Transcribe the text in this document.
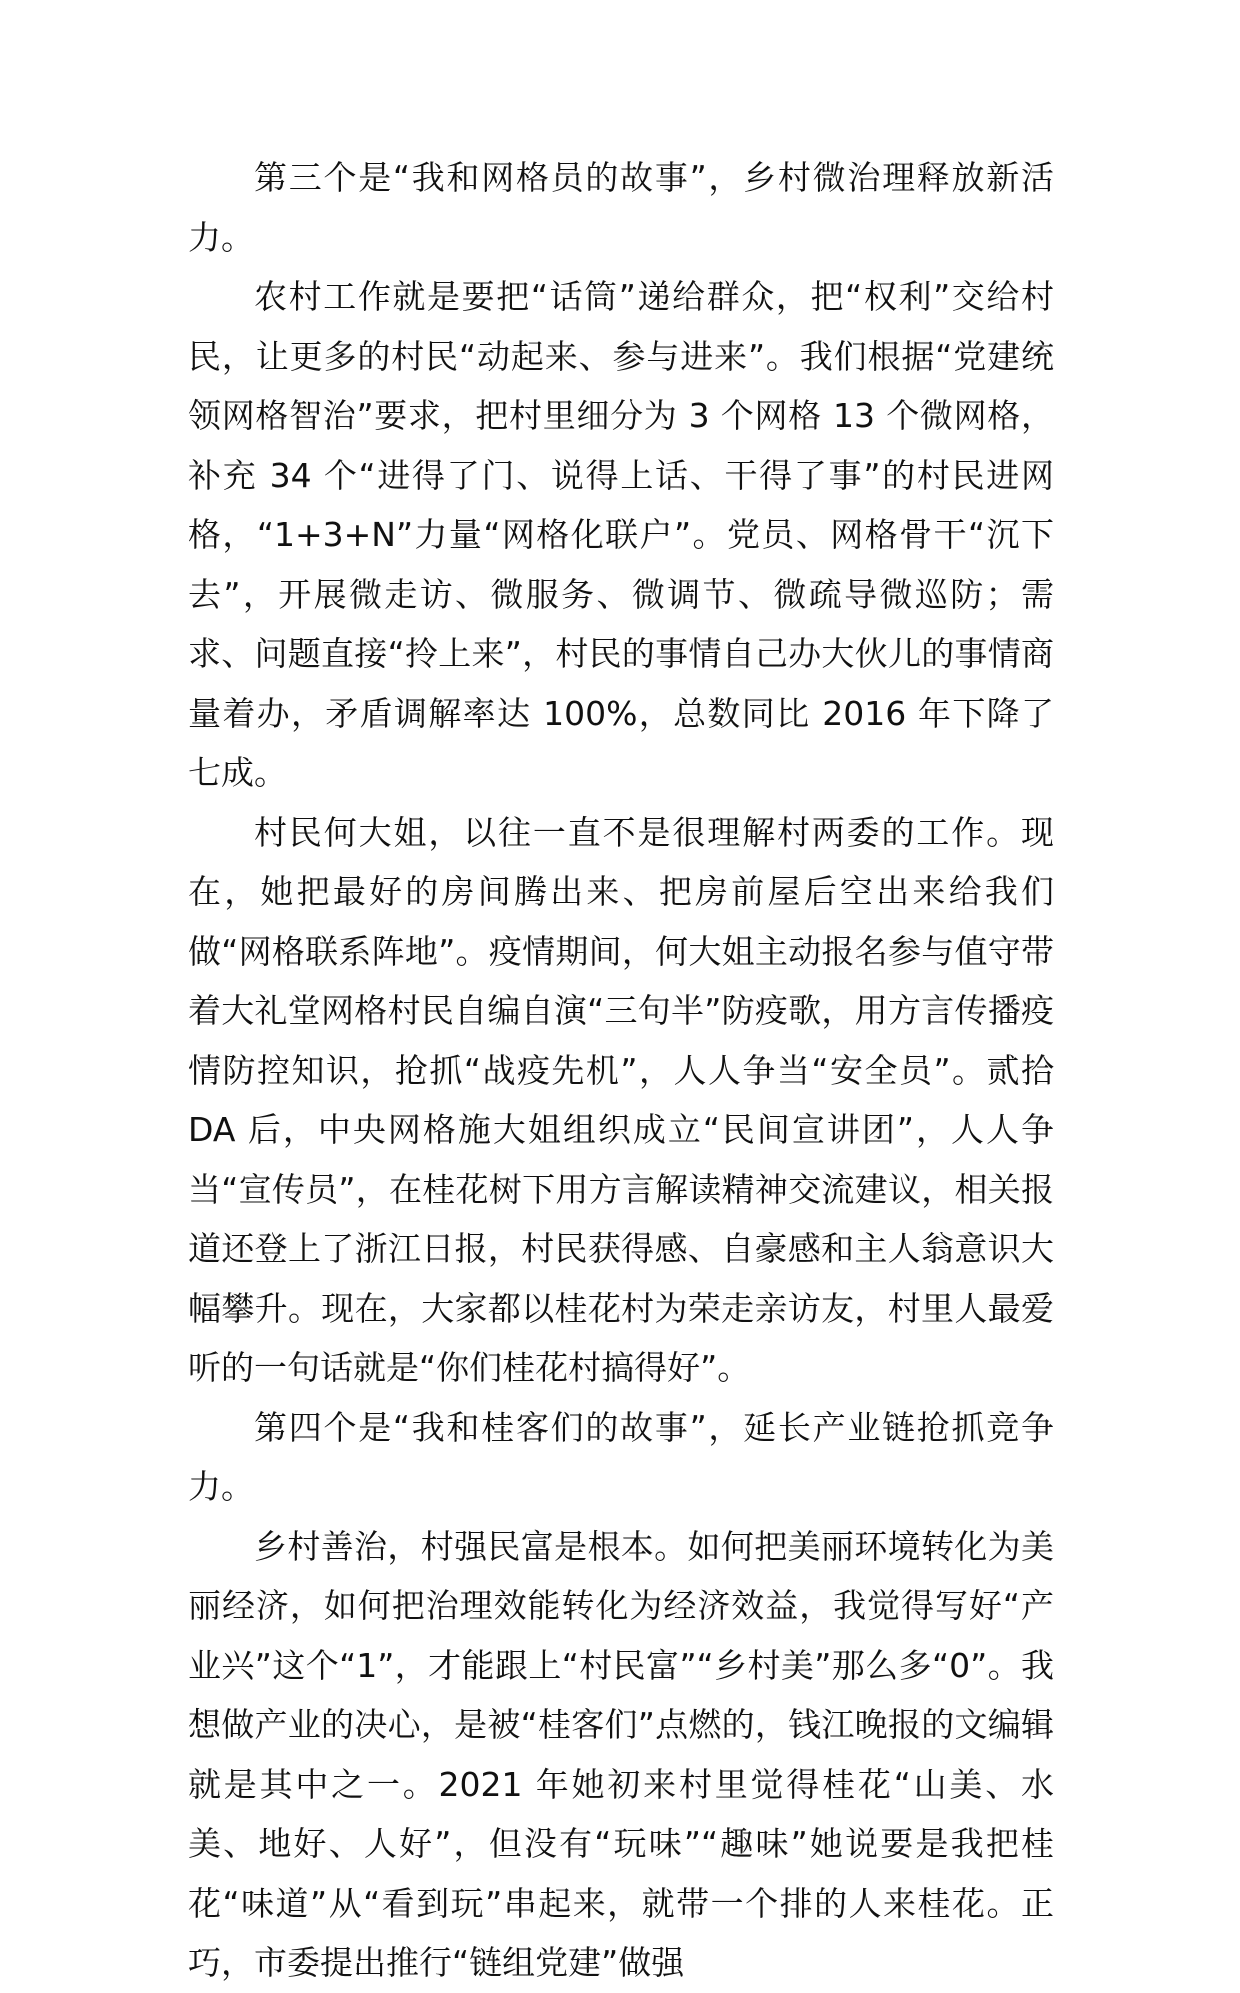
第三个是“我和网格员的故事”，乡村微治理释放新活力。

农村工作就是要把“话筒”递给群众，把“权利”交给村民，让更多的村民“动起来、参与进来”。我们根据“党建统领网格智治”要求，把村里细分为 3 个网格 13 个微网格，补充 34 个“进得了门、说得上话、干得了事”的村民进网格，“1+3+N”力量“网格化联户”。党员、网格骨干“沉下去”，开展微走访、微服务、微调节、微疏导微巡防；需求、问题直接“拎上来”，村民的事情自己办大伙儿的事情商量着办，矛盾调解率达 100%，总数同比 2016 年下降了七成。

村民何大姐，以往一直不是很理解村两委的工作。现在，她把最好的房间腾出来、把房前屋后空出来给我们做“网格联系阵地”。疫情期间，何大姐主动报名参与值守带着大礼堂网格村民自编自演“三句半”防疫歌，用方言传播疫情防控知识，抢抓“战疫先机”，人人争当“安全员”。贰拾 DA 后，中央网格施大姐组织成立“民间宣讲团”，人人争当“宣传员”，在桂花树下用方言解读精神交流建议，相关报道还登上了浙江日报，村民获得感、自豪感和主人翁意识大幅攀升。现在，大家都以桂花村为荣走亲访友，村里人最爱听的一句话就是“你们桂花村搞得好”。

第四个是“我和桂客们的故事”，延长产业链抢抓竞争力。

乡村善治，村强民富是根本。如何把美丽环境转化为美丽经济，如何把治理效能转化为经济效益，我觉得写好“产业兴”这个“1”，才能跟上“村民富”“乡村美”那么多“0”。我想做产业的决心，是被“桂客们”点燃的，钱江晚报的文编辑就是其中之一。2021 年她初来村里觉得桂花“山美、水美、地好、人好”，但没有“玩味”“趣味”她说要是我把桂花“味道”从“看到玩”串起来，就带一个排的人来桂花。正巧，市委提出推行“链组党建”做强
